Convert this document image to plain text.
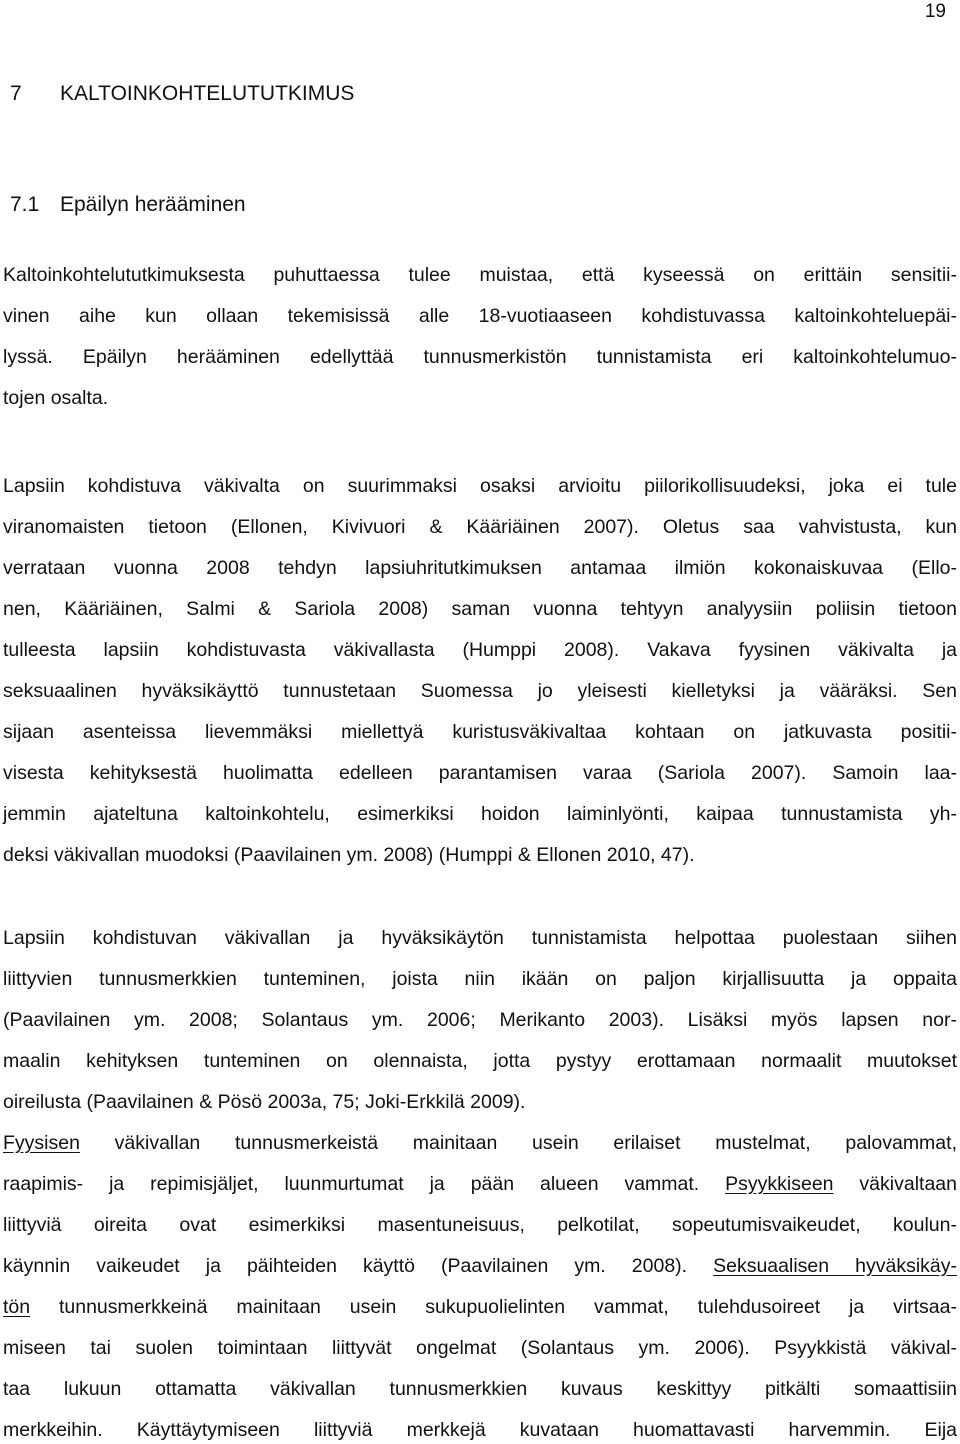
19
7 KALTOINKOHTELUTUTKIMUS
7.1 Epäilyn herääminen
Kaltoinkohtelututkimuksesta puhuttaessa tulee muistaa, että kyseessä on erittäin sensitii-
vinen aihe kun ollaan tekemisissä alle 18-vuotiaaseen kohdistuvassa kaltoinkohteluepäi-
lyssä. Epäilyn herääminen edellyttää tunnusmerkistön tunnistamista eri kaltoinkohtelumuo-
tojen osalta.
Lapsiin kohdistuva väkivalta on suurimmaksi osaksi arvioitu piilorikollisuudeksi, joka ei tule
viranomaisten tietoon (Ellonen, Kivivuori & Kääriäinen 2007). Oletus saa vahvistusta, kun
verrataan vuonna 2008 tehdyn lapsiuhritutkimuksen antamaa ilmiön kokonaiskuvaa (Ello-
nen, Kääriäinen, Salmi & Sariola 2008) saman vuonna tehtyyn analyysiin poliisin tietoon
tulleesta lapsiin kohdistuvasta väkivallasta (Humppi 2008). Vakava fyysinen väkivalta ja
seksuaalinen hyväksikäyttö tunnustetaan Suomessa jo yleisesti kielletyksi ja vääräksi. Sen
sijaan asenteissa lievemmäksi miellettyä kuristusväkivaltaa kohtaan on jatkuvasta positii-
visesta kehityksestä huolimatta edelleen parantamisen varaa (Sariola 2007). Samoin laa-
jemmin ajateltuna kaltoinkohtelu, esimerkiksi hoidon laiminlyönti, kaipaa tunnustamista yh-
deksi väkivallan muodoksi (Paavilainen ym. 2008) (Humppi & Ellonen 2010, 47).
Lapsiin kohdistuvan väkivallan ja hyväksikäytön tunnistamista helpottaa puolestaan siihen
liittyvien tunnusmerkkien tunteminen, joista niin ikään on paljon kirjallisuutta ja oppaita
(Paavilainen ym. 2008; Solantaus ym. 2006; Merikanto 2003). Lisäksi myös lapsen nor-
maalin kehityksen tunteminen on olennaista, jotta pystyy erottamaan normaalit muutokset
oireilusta (Paavilainen & Pösö 2003a, 75; Joki-Erkkilä 2009).
Fyysisen väkivallan tunnusmerkeistä mainitaan usein erilaiset mustelmat, palovammat,
raapimis- ja repimisjäljet, luunmurtumat ja pään alueen vammat. Psyykkiseen väkivaltaan
liittyviä oireita ovat esimerkiksi masentuneisuus, pelkotilat, sopeutumisvaikeudet, koulun-
käynnin vaikeudet ja päihteiden käyttö (Paavilainen ym. 2008). Seksuaalisen hyväksikäy-
tön tunnusmerkkeinä mainitaan usein sukupuolielinten vammat, tulehdusoireet ja virtsaa-
miseen tai suolen toimintaan liittyvät ongelmat (Solantaus ym. 2006). Psyykkistä väkival-
taa lukuun ottamatta väkivallan tunnusmerkkien kuvaus keskittyy pitkälti somaattisiin
merkkeihin. Käyttäytymiseen liittyviä merkkejä kuvataan huomattavasti harvemmin. Eija
